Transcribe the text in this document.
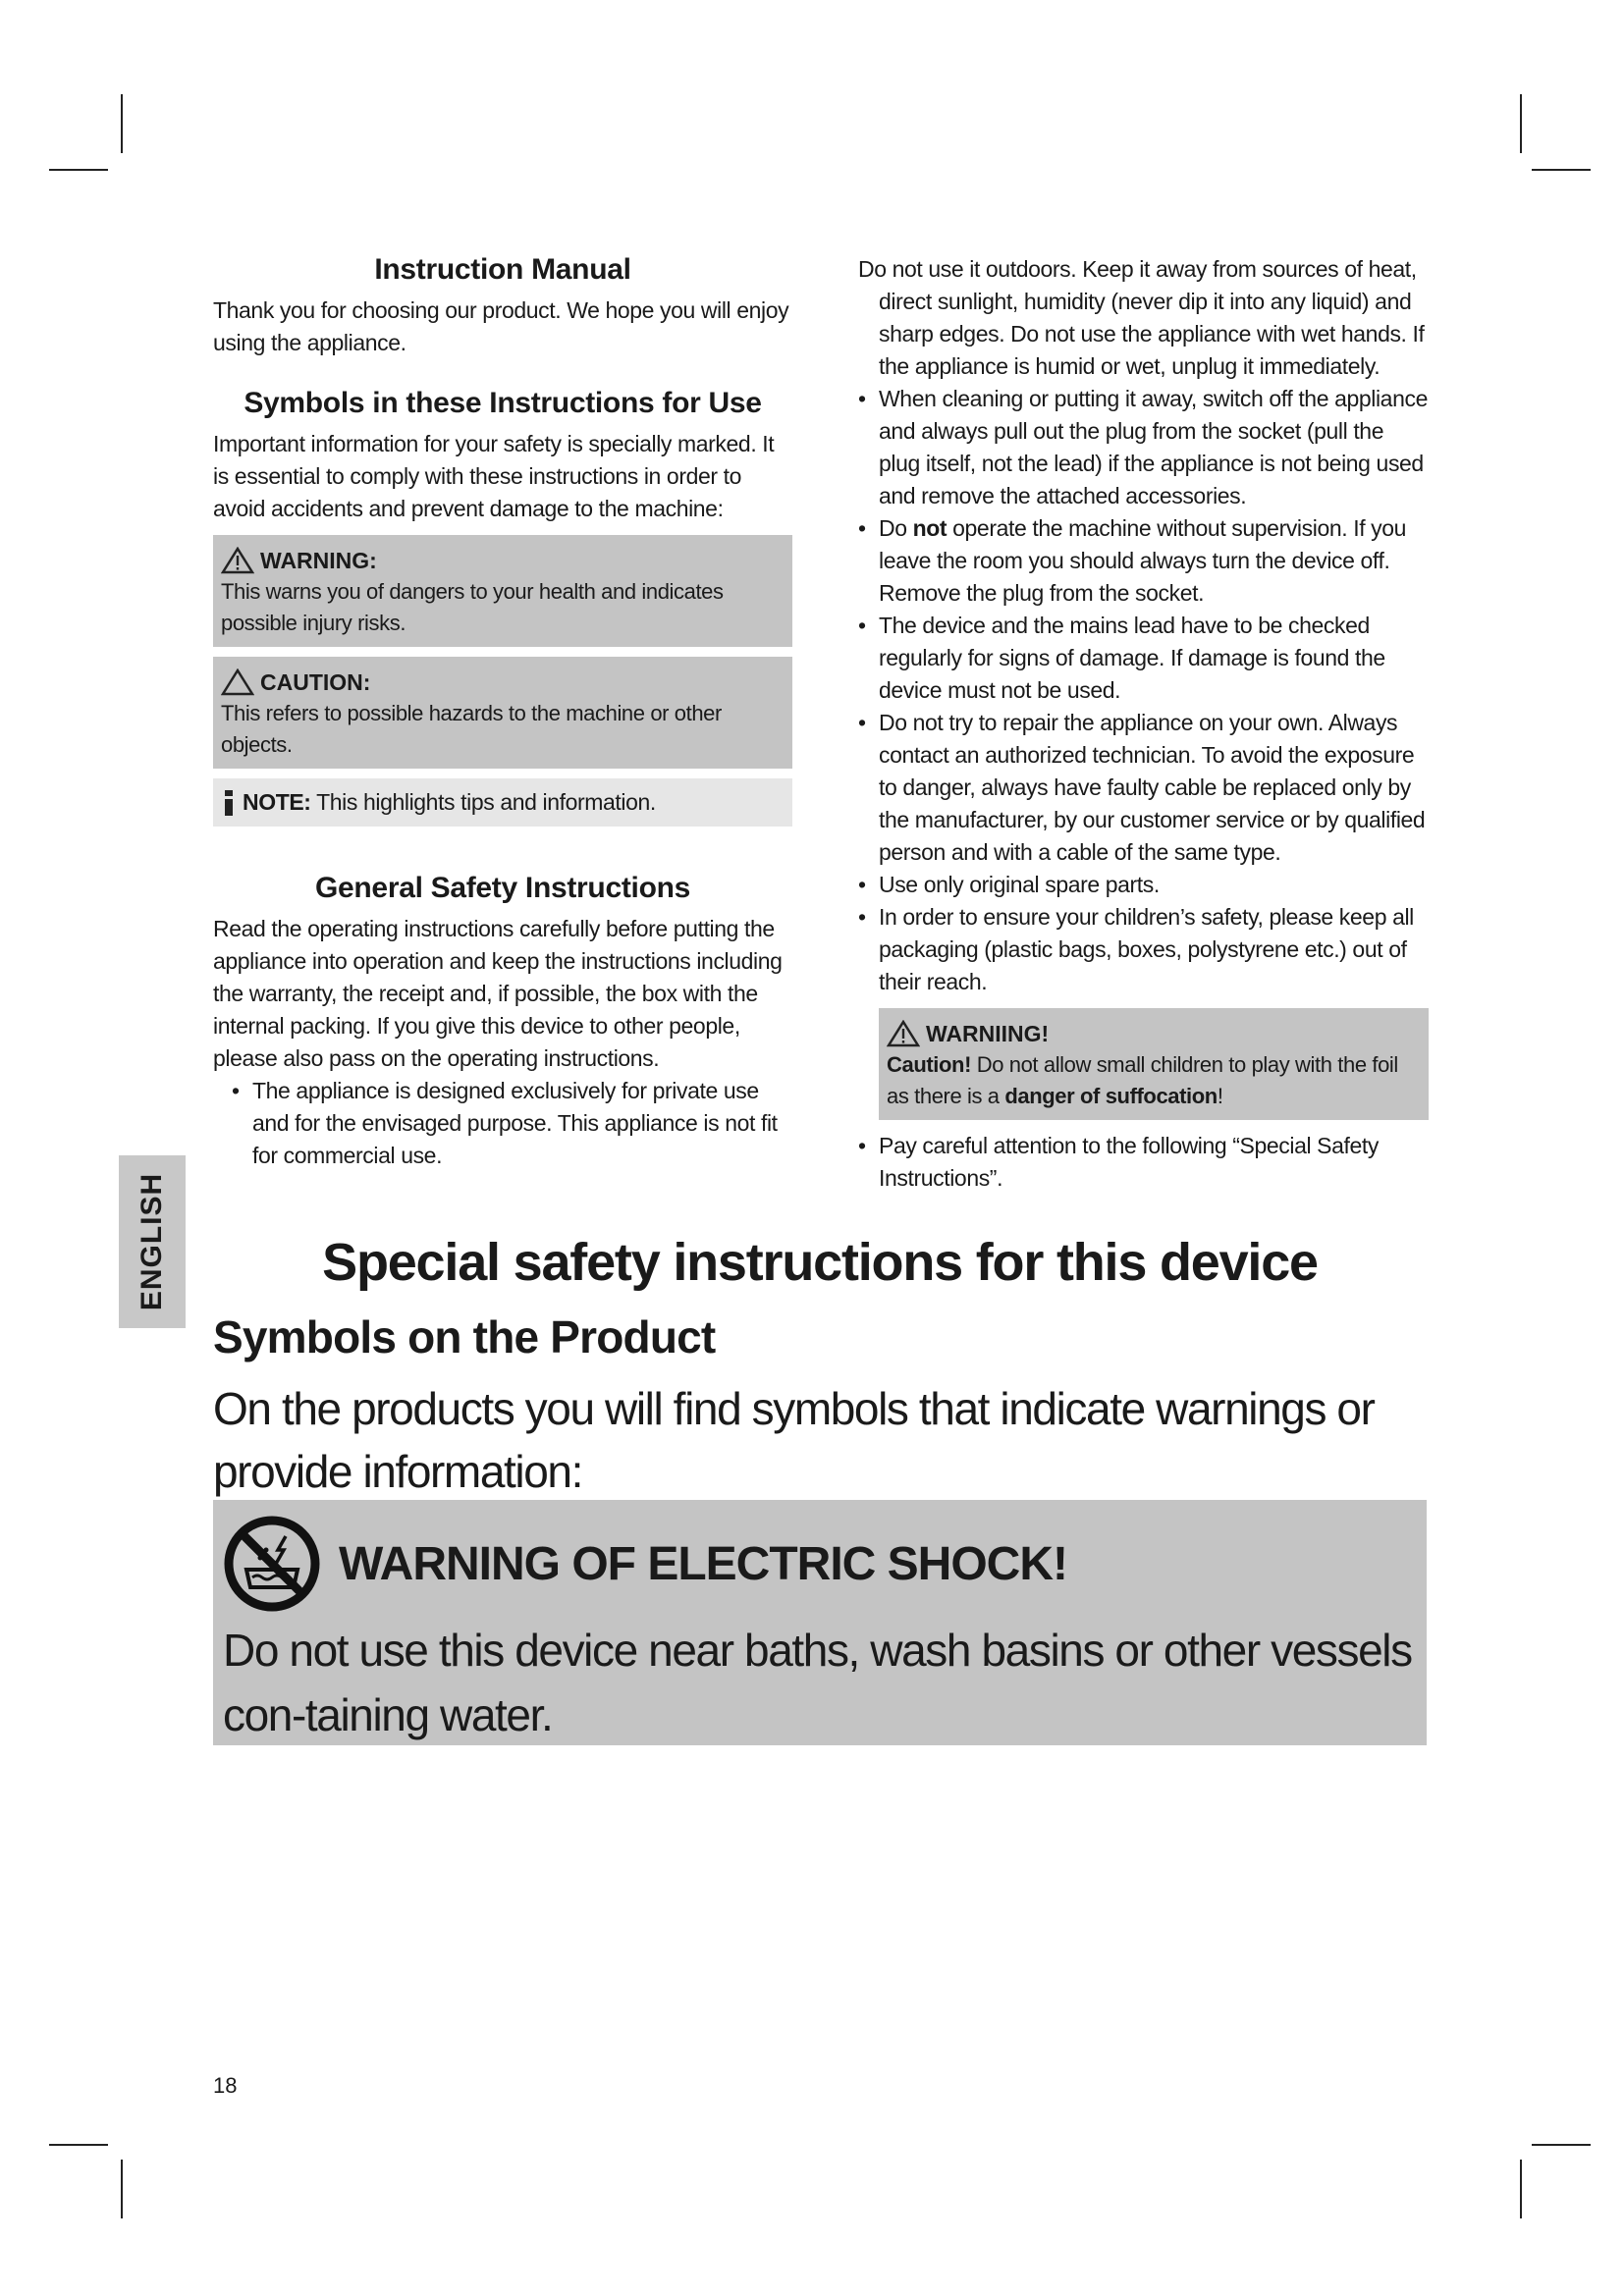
Instruction Manual

Thank you for choosing our product. We hope you will enjoy using the appliance.

Symbols in these Instructions for Use

Important information for your safety is specially marked. It is essential to comply with these instructions in order to avoid accidents and prevent damage to the machine:

WARNING:

This warns you of dangers to your health and indicates possible injury risks.

CAUTION:

This refers to possible hazards to the machine or other objects.

NOTE: This highlights tips and information.

General Safety Instructions

Read the operating instructions carefully before putting the appliance into operation and keep the instructions including the warranty, the receipt and, if possible, the box with the internal packing. If you give this device to other people, please also pass on the operating instructions.

• The appliance is designed exclusively for private use and for the envisaged purpose. This appliance is not fit for commercial use.

Do not use it outdoors. Keep it away from sources of heat,

direct sunlight, humidity (never dip it into any liquid) and sharp edges. Do not use the appliance with wet hands. If the appliance is humid or wet, unplug it immediately.

• When cleaning or putting it away, switch off the appliance and always pull out the plug from the socket (pull the plug itself, not the lead) if the appliance is not being used and remove the attached accessories.
• Do not operate the machine without supervision. If you leave the room you should always turn the device off. Remove the plug from the socket.
• The device and the mains lead have to be checked regularly for signs of damage. If damage is found the device must not be used.
• Do not try to repair the appliance on your own. Always contact an authorized technician. To avoid the exposure to danger, always have faulty cable be replaced only by the manufacturer, by our customer service or by qualified person and with a cable of the same type.
• Use only original spare parts.
• In order to ensure your children’s safety, please keep all packaging (plastic bags, boxes, polystyrene etc.) out of their reach.
WARNIING!

Caution! Do not allow small children to play with the foil as there is a danger of suffocation!

• Pay careful attention to the following “Special Safety Instructions”.
ENGLISH	Special safety instructions for this device
Symbols on the Product

On the products you will find symbols that indicate warnings or provide information:

WARNING OF ELECTRIC SHOCK!

Do not use this device near baths, wash basins or other vessels con-taining water.

18
